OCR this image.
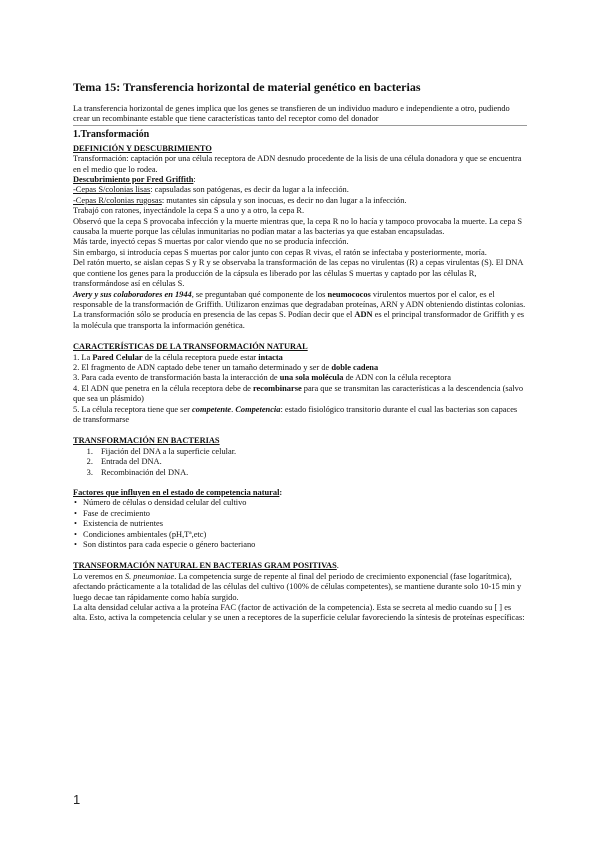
Tema 15: Transferencia horizontal de material genético en bacterias

La transferencia horizontal de genes implica que los genes se transfieren de un individuo maduro e independiente a otro, pudiendo crear un recombinante estable que tiene características tanto del receptor como del donador

1.Transformación

DEFINICIÓN Y DESCUBRIMIENTO

Transformación: captación por una célula receptora de ADN desnudo procedente de la lisis de una célula donadora y que se encuentra en el medio que lo rodea.

Descubrimiento por Fred Griffith:

-Cepas S/colonias lisas: capsuladas son patógenas, es decir da lugar a la infección.

-Cepas R/colonias rugosas: mutantes sin cápsula y son inocuas, es decir no dan lugar a la infección.

Trabajó con ratones, inyectándole la cepa S a uno y a otro, la cepa R.

Observó que la cepa S provocaba infección y la muerte mientras que, la cepa R no lo hacía y tampoco provocaba la muerte. La cepa S causaba la muerte porque las células inmunitarias no podían matar a las bacterias ya que estaban encapsuladas.

Más tarde, inyectó cepas S muertas por calor viendo que no se producía infección.

Sin embargo, si introducía cepas S muertas por calor junto con cepas R vivas, el ratón se infectaba y posteriormente, moría.

Del ratón muerto, se aislan cepas S y R y se observaba la transformación de las cepas no virulentas (R) a cepas virulentas (S). El DNA que contiene los genes para la producción de la cápsula es liberado por las células S muertas y captado por las células R, transformándose así en células S.

Avery y sus colaboradores en 1944, se preguntaban qué componente de los neumococos virulentos muertos por el calor, es el responsable de la transformación de Griffith. Utilizaron enzimas que degradaban proteínas, ARN y ADN obteniendo distintas colonias. La transformación sólo se producía en presencia de las cepas S. Podían decir que el ADN es el principal transformador de Griffith y es la molécula que transporta la información genética.

CARACTERÍSTICAS DE LA TRANSFORMACIÓN NATURAL

1. La Pared Celular de la célula receptora puede estar intacta

2. El fragmento de ADN captado debe tener un tamaño determinado y ser de doble cadena

3. Para cada evento de transformación basta la interacción de una sola molécula de ADN con la célula receptora

4. El ADN que penetra en la célula receptora debe de recombinarse para que se transmitan las características a la descendencia (salvo que sea un plásmido)

5. La célula receptora tiene que ser competente. Competencia: estado fisiológico transitorio durante el cual las bacterias son capaces de transformarse

TRANSFORMACIÓN EN BACTERIAS

1. Fijación del DNA a la superficie celular.
2. Entrada del DNA.
3. Recombinación del DNA.

Factores que influyen en el estado de competencia natural:

• Número de células o densidad celular del cultivo
• Fase de crecimiento
• Existencia de nutrientes
• Condiciones ambientales (pH,Tª,etc)
• Son distintos para cada especie o género bacteriano

TRANSFORMACIÓN NATURAL EN BACTERIAS GRAM POSITIVAS.

Lo veremos en S. pneumoniae. La competencia surge de repente al final del periodo de crecimiento exponencial (fase logarítmica), afectando prácticamente a la totalidad de las células del cultivo (100% de células competentes), se mantiene durante solo 10-15 min y luego decae tan rápidamente como había surgido.

La alta densidad celular activa a la proteína FAC (factor de activación de la competencia). Esta se secreta al medio cuando su [ ] es alta. Esto, activa la competencia celular y se unen a receptores de la superficie celular favoreciendo la síntesis de proteínas específicas:

1
